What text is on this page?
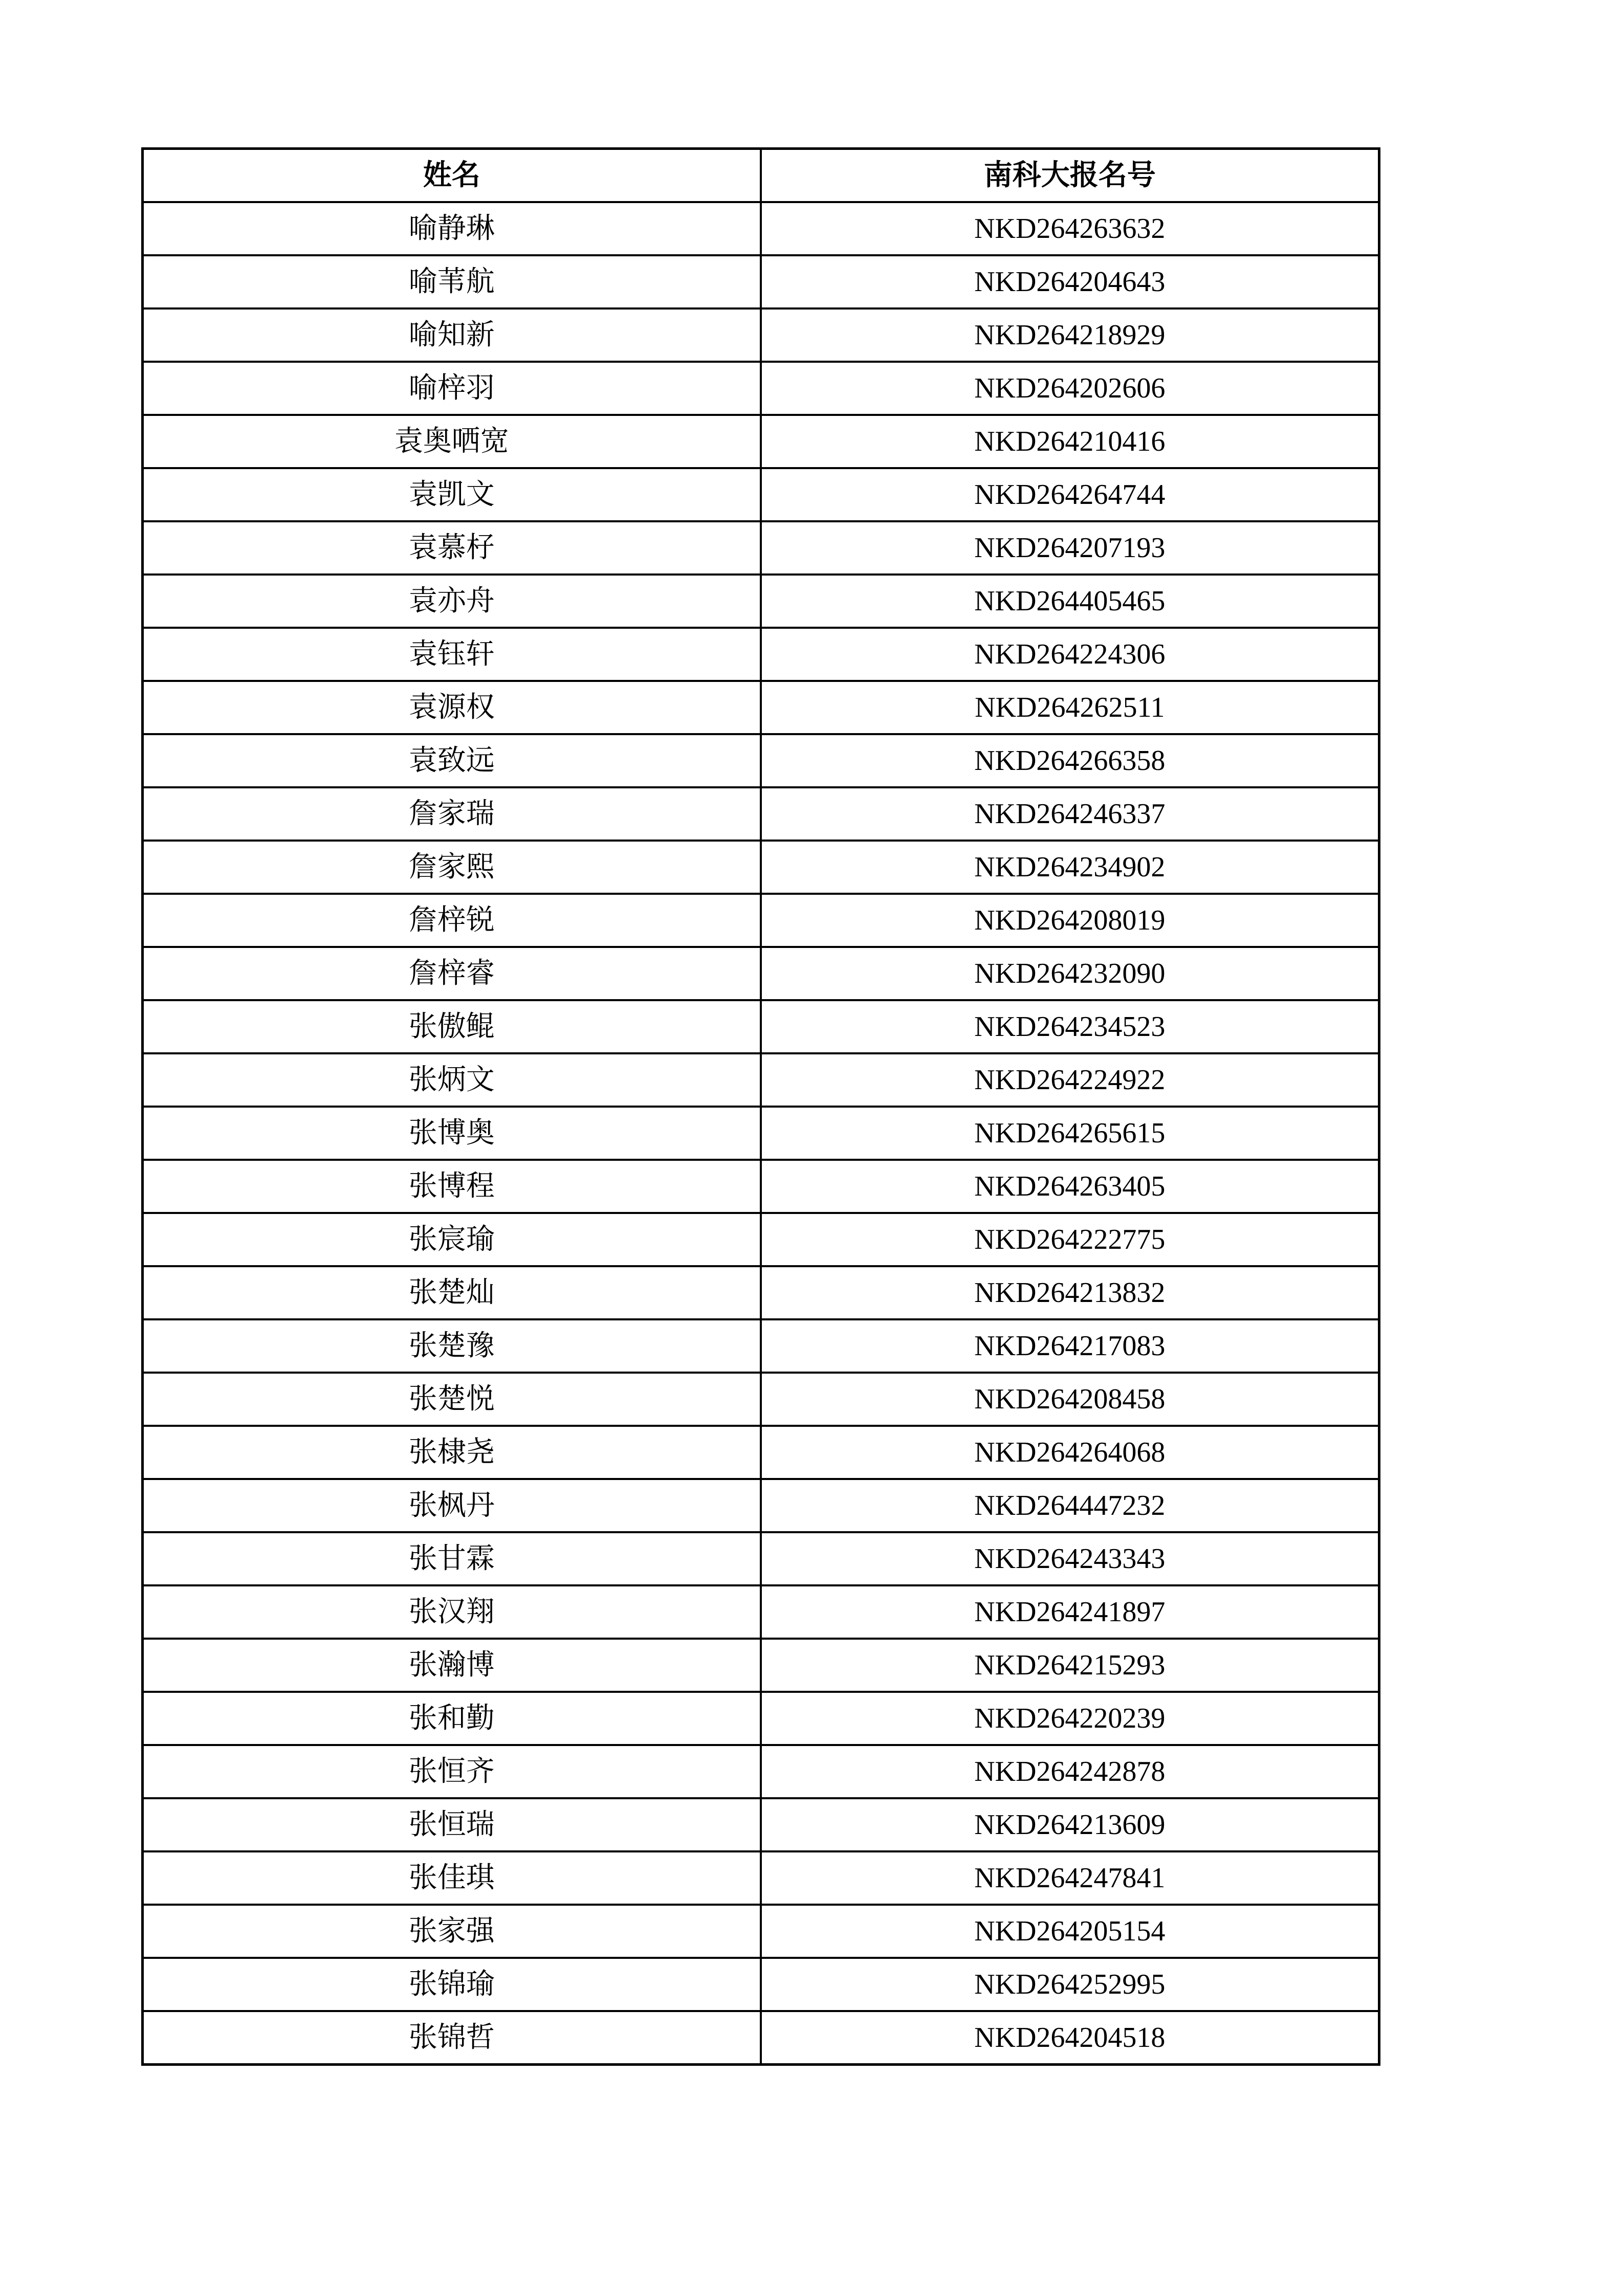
姓名	南科大报名号
喻静琳	NKD264263632
喻苇航	NKD264204643
喻知新	NKD264218929
喻梓羽	NKD264202606
袁奥哂宽	NKD264210416
袁凯文	NKD264264744
袁慕杍	NKD264207193
袁亦舟	NKD264405465
袁钰轩	NKD264224306
袁源权	NKD264262511
袁致远	NKD264266358
詹家瑞	NKD264246337
詹家熙	NKD264234902
詹梓锐	NKD264208019
詹梓睿	NKD264232090
张傲鲲	NKD264234523
张炳文	NKD264224922
张博奥	NKD264265615
张博程	NKD264263405
张宸瑜	NKD264222775
张楚灿	NKD264213832
张楚豫	NKD264217083
张楚悦	NKD264208458
张棣尧	NKD264264068
张枫丹	NKD264447232
张甘霖	NKD264243343
张汉翔	NKD264241897
张瀚博	NKD264215293
张和勤	NKD264220239
张恒齐	NKD264242878
张恒瑞	NKD264213609
张佳琪	NKD264247841
张家强	NKD264205154
张锦瑜	NKD264252995
张锦哲	NKD264204518
